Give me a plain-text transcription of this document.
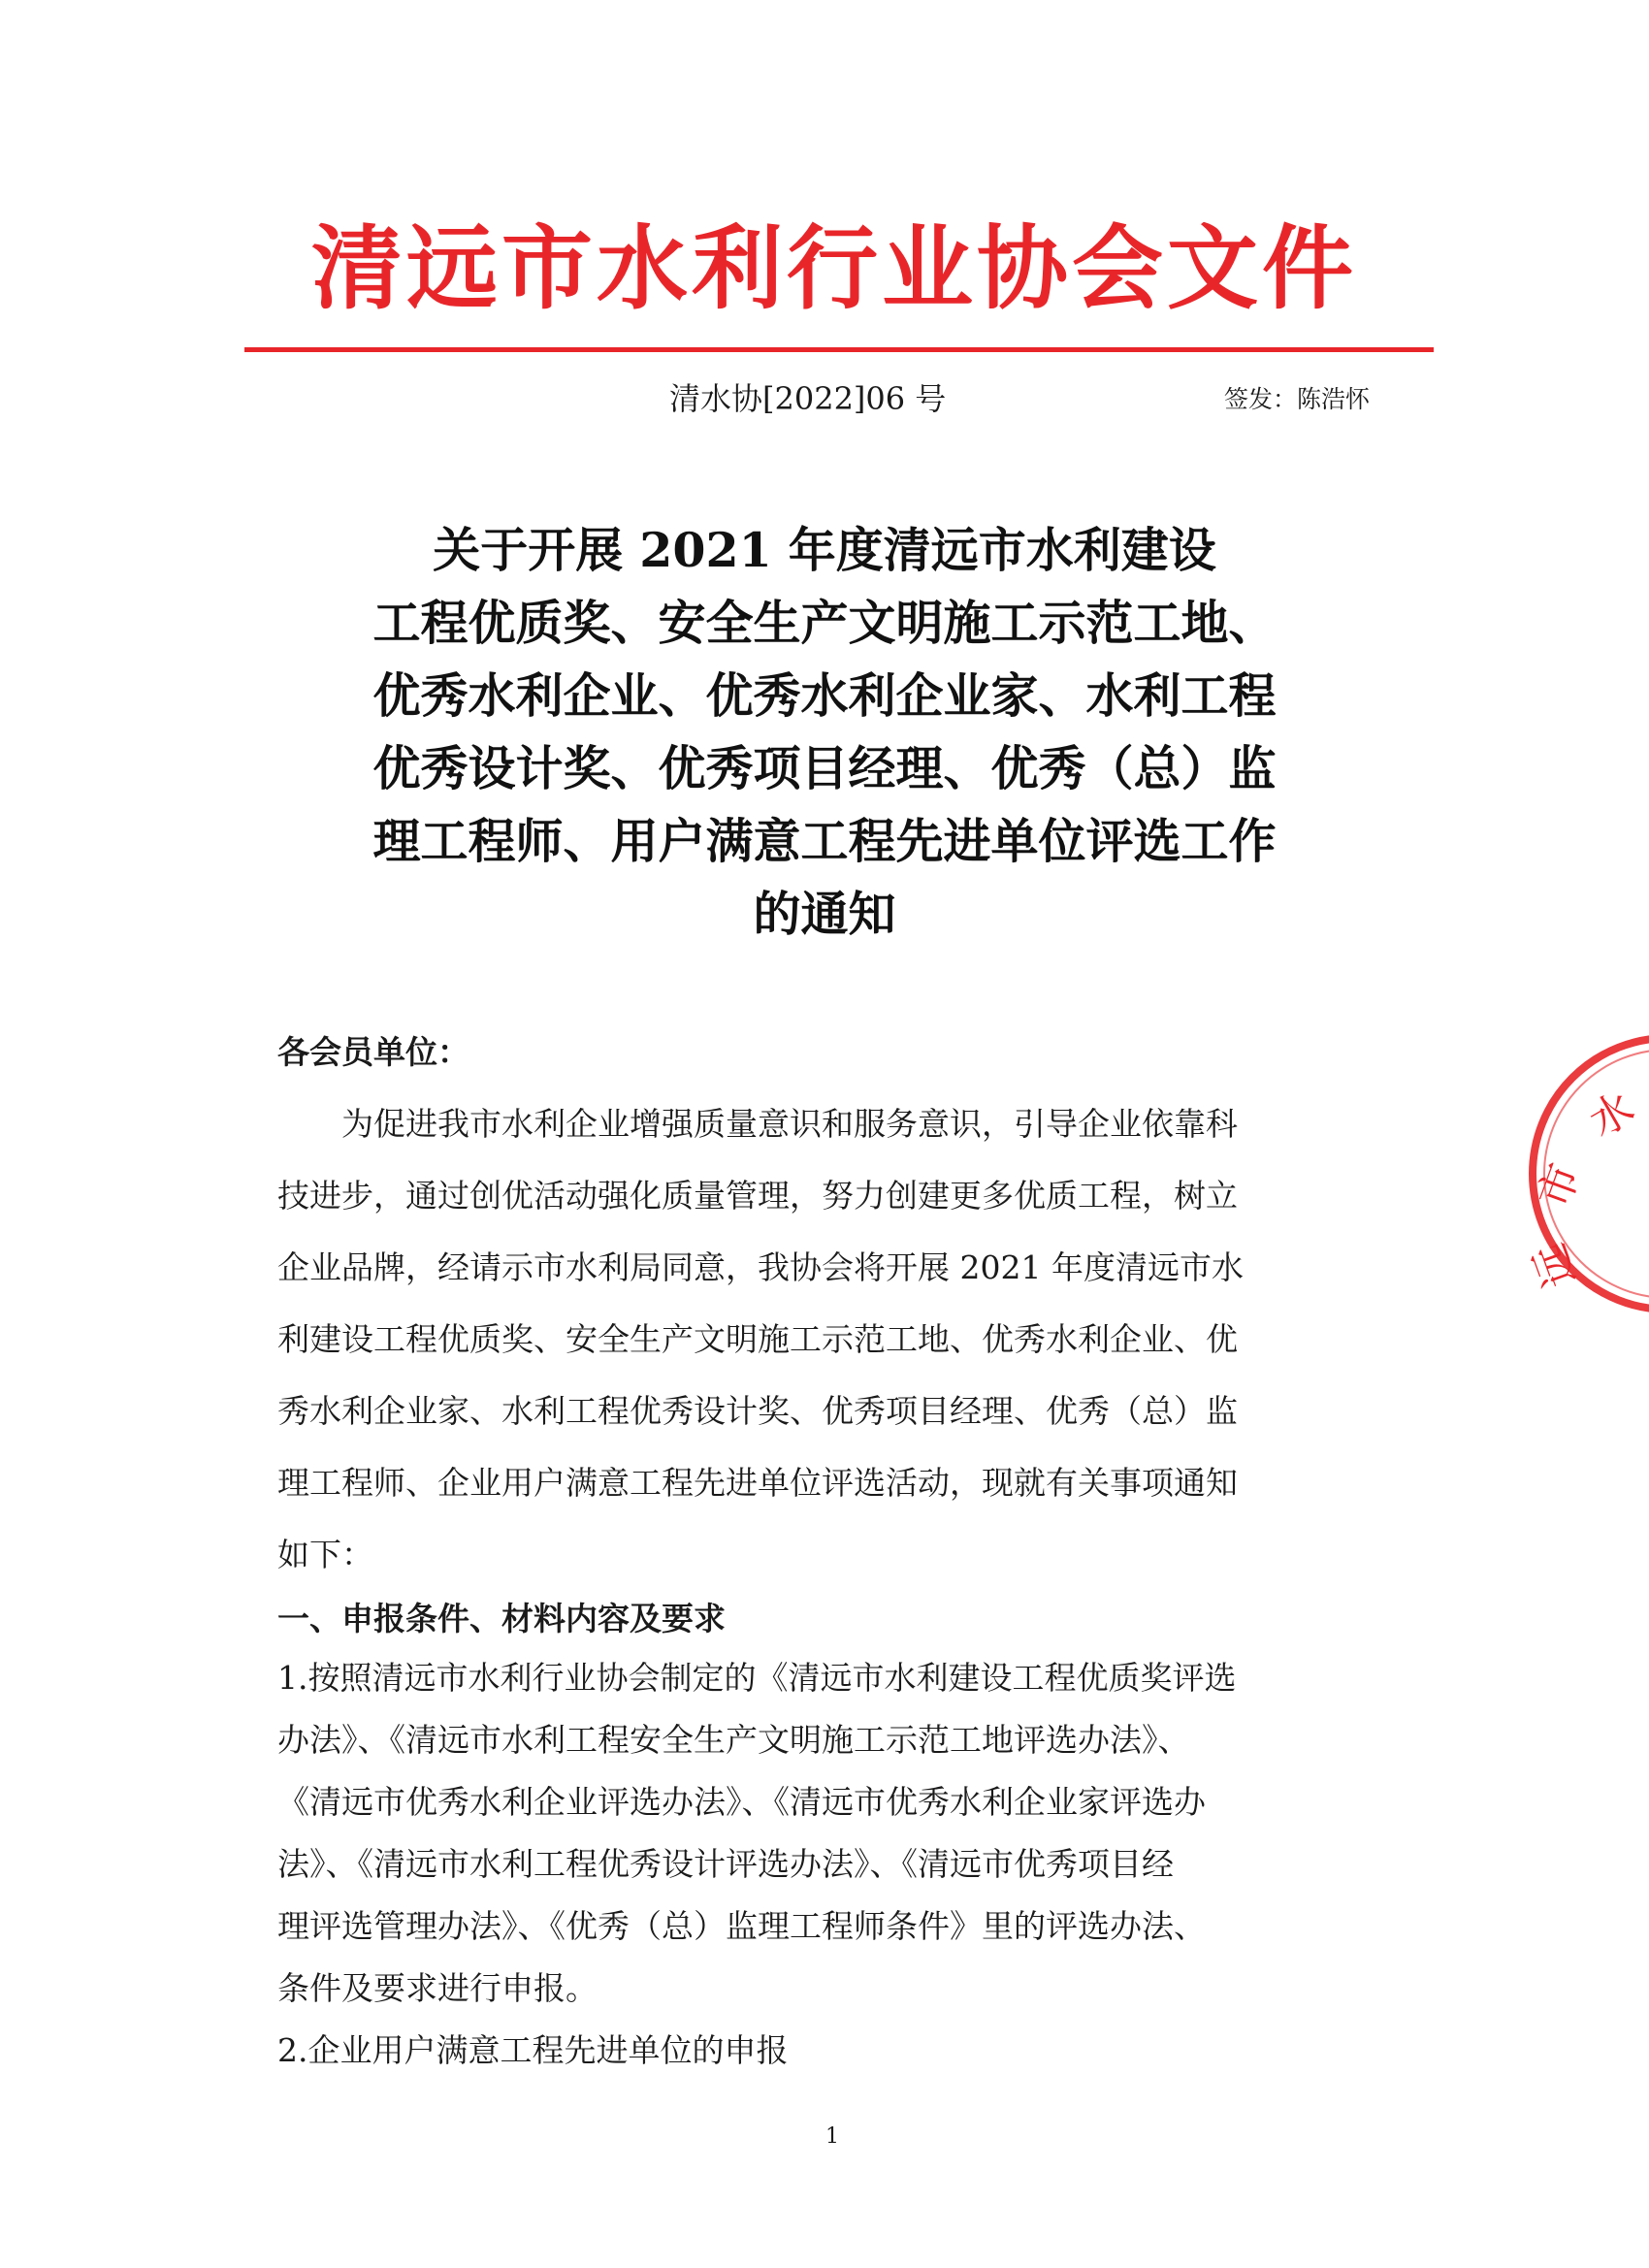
清远市水利行业协会文件
清水协[2022]06 号	签发：陈浩怀
关于开展 2021 年度清远市水利建设
工程优质奖、安全生产文明施工示范工地、
优秀水利企业、优秀水利企业家、水利工程
优秀设计奖、优秀项目经理、优秀（总）监
理工程师、用户满意工程先进单位评选工作
的通知
各会员单位：
为促进我市水利企业增强质量意识和服务意识，引导企业依靠科
技进步，通过创优活动强化质量管理，努力创建更多优质工程，树立
企业品牌，经请示市水利局同意，我协会将开展 2021 年度清远市水
利建设工程优质奖、安全生产文明施工示范工地、优秀水利企业、优
秀水利企业家、水利工程优秀设计奖、优秀项目经理、优秀（总）监
理工程师、企业用户满意工程先进单位评选活动，现就有关事项通知
如下：
一、申报条件、材料内容及要求
1.按照清远市水利行业协会制定的《清远市水利建设工程优质奖评选
办法》、《清远市水利工程安全生产文明施工示范工地评选办法》、
《清远市优秀水利企业评选办法》、《清远市优秀水利企业家评选办
法》、《清远市水利工程优秀设计评选办法》、《清远市优秀项目经
理评选管理办法》、《优秀（总）监理工程师条件》里的评选办法、
条件及要求进行申报。
2.企业用户满意工程先进单位的申报
水
市
远
1
